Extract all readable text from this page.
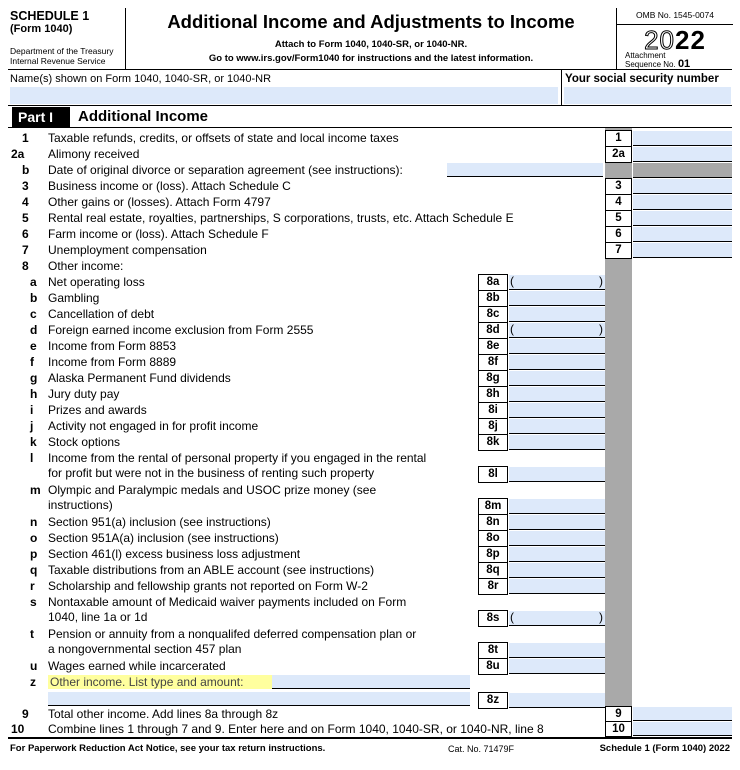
SCHEDULE 1
(Form 1040)
Department of the Treasury
Internal Revenue Service
Additional Income and Adjustments to Income
Attach to Form 1040, 1040-SR, or 1040-NR.
Go to www.irs.gov/Form1040 for instructions and the latest information.
OMB No. 1545-0074
2022
Attachment
Sequence No. 01
Name(s) shown on Form 1040, 1040-SR, or 1040-NR	Your social security number
Part I	Additional Income
1 Taxable refunds, credits, or offsets of state and local income taxes	1
2a Alimony received	2a
b Date of original divorce or separation agreement (see instructions):
3 Business income or (loss). Attach Schedule C	3
4 Other gains or (losses). Attach Form 4797	4
5 Rental real estate, royalties, partnerships, S corporations, trusts, etc. Attach Schedule E	5
6 Farm income or (loss). Attach Schedule F	6
7 Unemployment compensation	7
8 Other income:
a Net operating loss	8a (	)
b Gambling	8b
c Cancellation of debt	8c
d Foreign earned income exclusion from Form 2555	8d (	)
e Income from Form 8853	8e
f Income from Form 8889	8f
g Alaska Permanent Fund dividends	8g
h Jury duty pay	8h
i Prizes and awards	8i
j Activity not engaged in for profit income	8j
k Stock options	8k
l Income from the rental of personal property if you engaged in the rental
for profit but were not in the business of renting such property	8l
m Olympic and Paralympic medals and USOC prize money (see
instructions)	8m
n Section 951(a) inclusion (see instructions)	8n
o Section 951A(a) inclusion (see instructions)	8o
p Section 461(l) excess business loss adjustment	8p
q Taxable distributions from an ABLE account (see instructions)	8q
r Scholarship and fellowship grants not reported on Form W-2	8r
s Nontaxable amount of Medicaid waiver payments included on Form
1040, line 1a or 1d	8s (	)
t Pension or annuity from a nonqualifed deferred compensation plan or
a nongovernmental section 457 plan	8t
u Wages earned while incarcerated	8u
z Other income. List type and amount:
8z
9 Total other income. Add lines 8a through 8z	9
10 Combine lines 1 through 7 and 9. Enter here and on Form 1040, 1040-SR, or 1040-NR, line 8	10
For Paperwork Reduction Act Notice, see your tax return instructions.	Cat. No. 71479F	Schedule 1 (Form 1040) 2022
